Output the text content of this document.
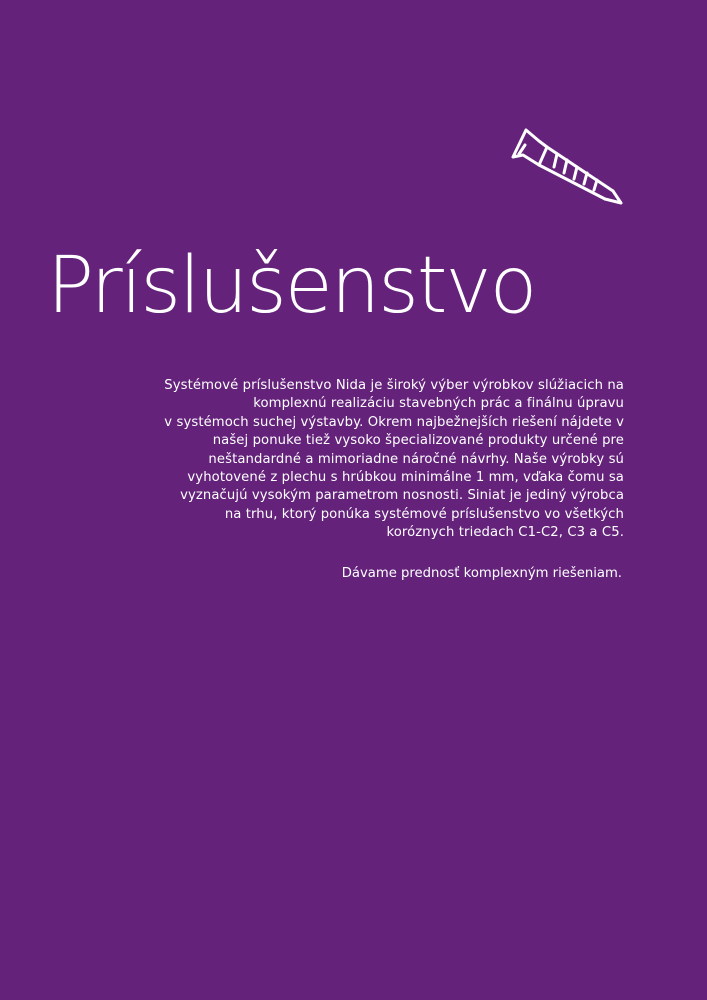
Príslušenstvo
Systémové príslušenstvo Nida je široký výber výrobkov slúžiacich na
komplexnú realizáciu stavebných prác a finálnu úpravu
v systémoch suchej výstavby. Okrem najbežnejších riešení nájdete v
našej ponuke tiež vysoko špecializované produkty určené pre
neštandardné a mimoriadne náročné návrhy. Naše výrobky sú
vyhotovené z plechu s hrúbkou minimálne 1 mm, vďaka čomu sa
vyznačujú vysokým parametrom nosnosti. Siniat je jediný výrobca
na trhu, ktorý ponúka systémové príslušenstvo vo všetkých
koróznych triedach C1-C2, C3 a C5.
Dávame prednosť komplexným riešeniam.
